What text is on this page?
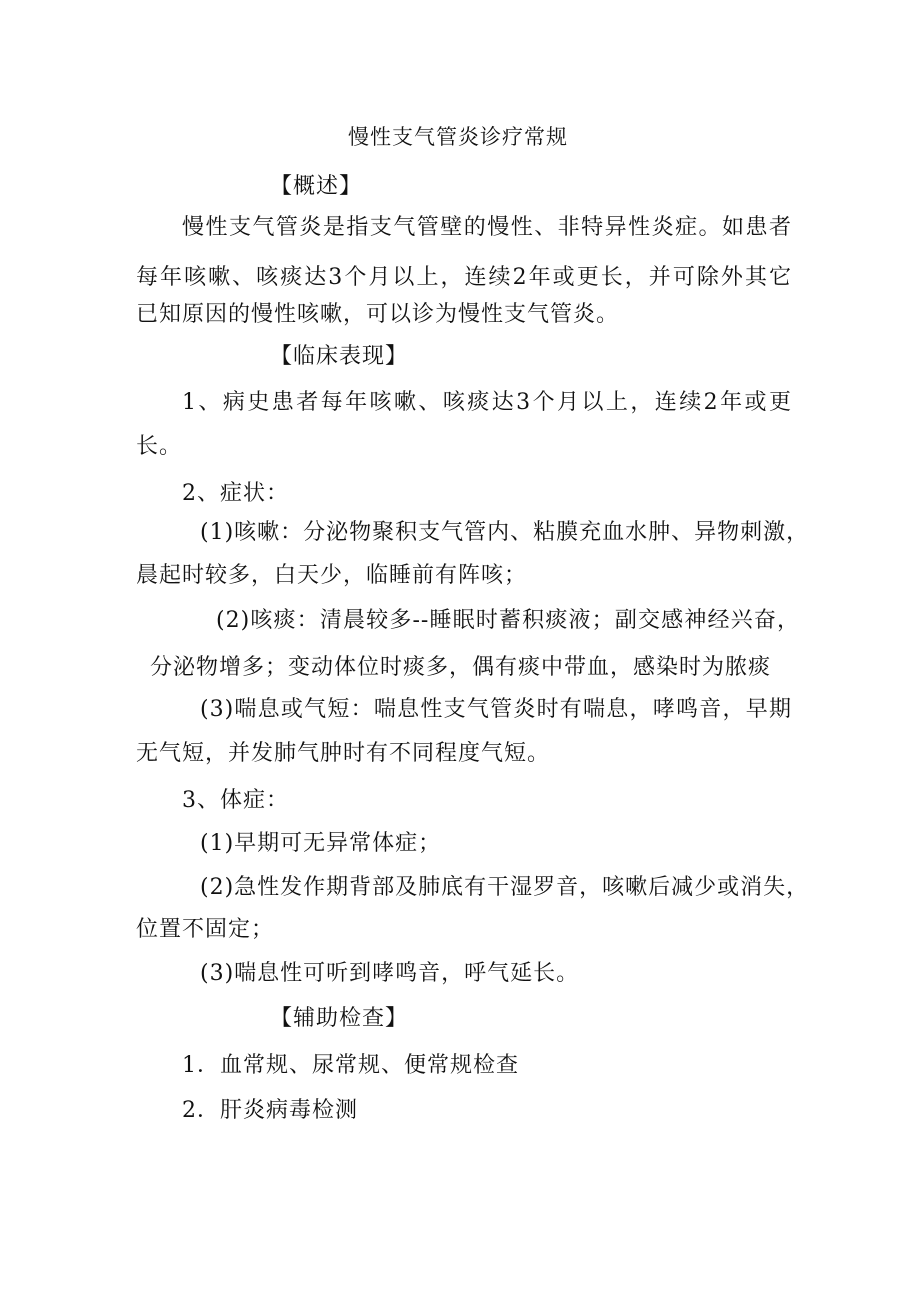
慢性支气管炎诊疗常规
【概述】
慢性支气管炎是指支气管壁的慢性、非特异性炎症。如患者
每年咳嗽、咳痰达3个月以上，连续2年或更长，并可除外其它
已知原因的慢性咳嗽，可以诊为慢性支气管炎。
【临床表现】
1、病史患者每年咳嗽、咳痰达3个月以上，连续2年或更
长。
2、症状：
(1)咳嗽：分泌物聚积支气管内、粘膜充血水肿、异物刺激，
晨起时较多，白天少，临睡前有阵咳；
(2)咳痰：清晨较多--睡眠时蓄积痰液；副交感神经兴奋，
分泌物增多；变动体位时痰多，偶有痰中带血，感染时为脓痰
(3)喘息或气短：喘息性支气管炎时有喘息，哮鸣音，早期
无气短，并发肺气肿时有不同程度气短。
3、体症：
(1)早期可无异常体症；
(2)急性发作期背部及肺底有干湿罗音，咳嗽后减少或消失，
位置不固定；
(3)喘息性可听到哮鸣音，呼气延长。
【辅助检查】
1．血常规、尿常规、便常规检查
2．肝炎病毒检测
